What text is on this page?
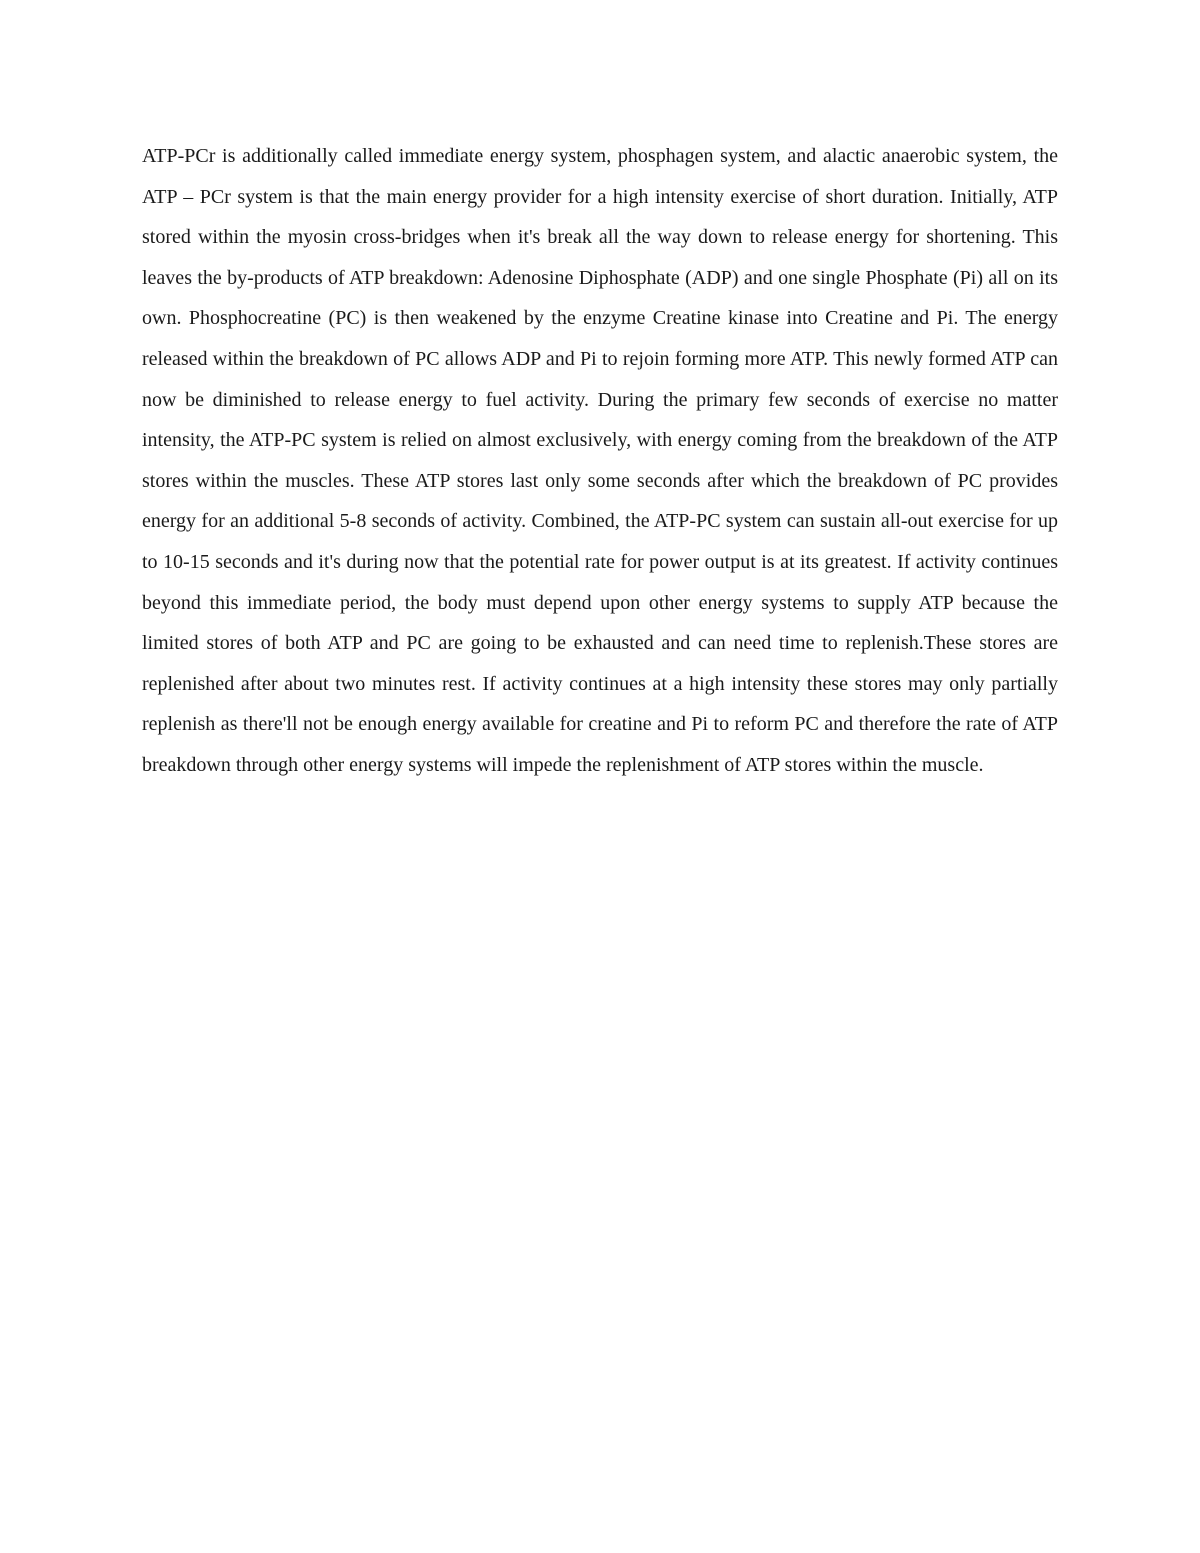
ATP-PCr is additionally called immediate energy system, phosphagen system, and alactic anaerobic system, the ATP – PCr system is that the main energy provider for a high intensity exercise of short duration. Initially, ATP stored within the myosin cross-bridges when it's break all the way down to release energy for shortening. This leaves the by-products of ATP breakdown: Adenosine Diphosphate (ADP) and one single Phosphate (Pi) all on its own. Phosphocreatine (PC) is then weakened by the enzyme Creatine kinase into Creatine and Pi. The energy released within the breakdown of PC allows ADP and Pi to rejoin forming more ATP. This newly formed ATP can now be diminished to release energy to fuel activity. During the primary few seconds of exercise no matter intensity, the ATP-PC system is relied on almost exclusively, with energy coming from the breakdown of the ATP stores within the muscles. These ATP stores last only some seconds after which the breakdown of PC provides energy for an additional 5-8 seconds of activity. Combined, the ATP-PC system can sustain all-out exercise for up to 10-15 seconds and it's during now that the potential rate for power output is at its greatest. If activity continues beyond this immediate period, the body must depend upon other energy systems to supply ATP because the limited stores of both ATP and PC are going to be exhausted and can need time to replenish.These stores are replenished after about two minutes rest. If activity continues at a high intensity these stores may only partially replenish as there'll not be enough energy available for creatine and Pi to reform PC and therefore the rate of ATP breakdown through other energy systems will impede the replenishment of ATP stores within the muscle.
